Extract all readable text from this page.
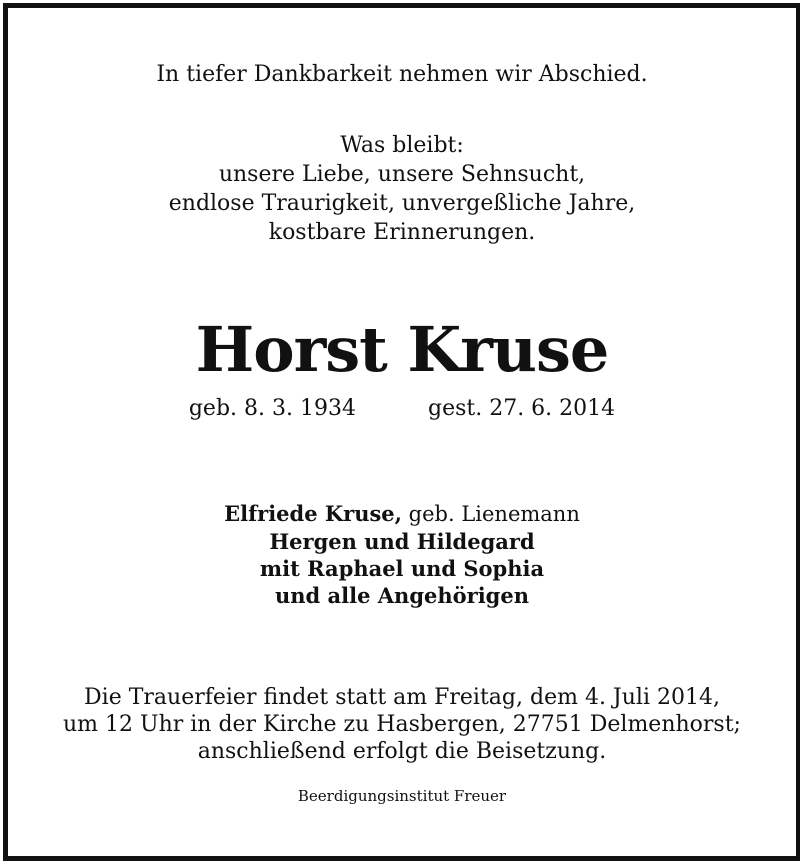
In tiefer Dankbarkeit nehmen wir Abschied.
Was bleibt:
unsere Liebe, unsere Sehnsucht,
endlose Traurigkeit, unvergeßliche Jahre,
kostbare Erinnerungen.
Horst Kruse
geb. 8. 3. 1934	gest. 27. 6. 2014
Elfriede Kruse, geb. Lienemann
Hergen und Hildegard
mit Raphael und Sophia
und alle Angehörigen
Die Trauerfeier findet statt am Freitag, dem 4. Juli 2014,
um 12 Uhr in der Kirche zu Hasbergen, 27751 Delmenhorst;
anschließend erfolgt die Beisetzung.
Beerdigungsinstitut Freuer
